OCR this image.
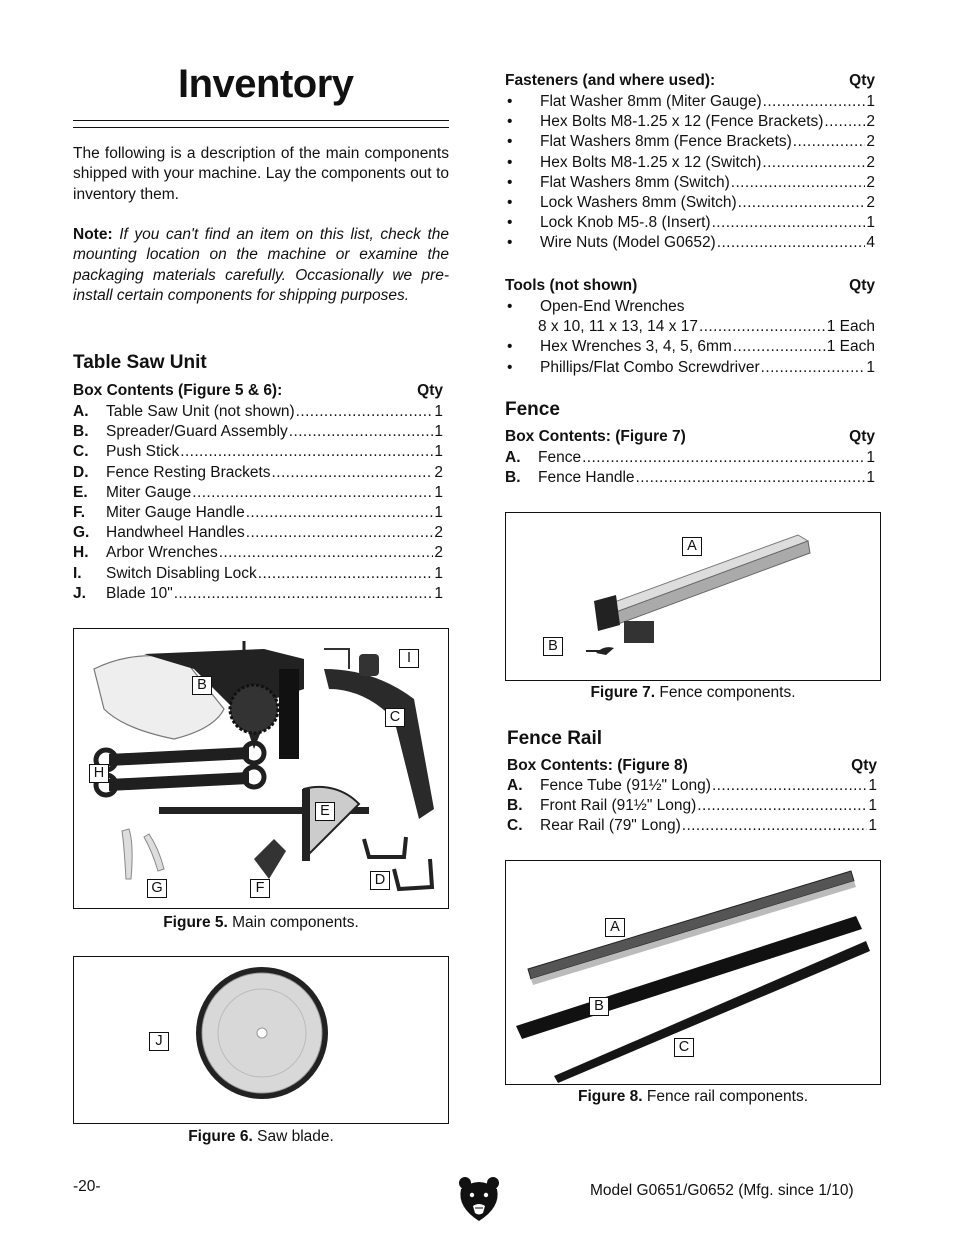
Inventory
The following is a description of the main components shipped with your machine. Lay the components out to inventory them.
Note: If you can't find an item on this list, check the mounting location on the machine or examine the packaging materials carefully. Occasionally we pre-install certain components for shipping purposes.
Table Saw Unit
Box Contents (Figure 5 & 6):	Qty
A.	Table Saw Unit (not shown) .....	1
B.	Spreader/Guard Assembly .....	1
C.	Push Stick .....	1
D.	Fence Resting Brackets .....	2
E.	Miter Gauge .....	1
F.	Miter Gauge Handle .....	1
G.	Handwheel Handles .....	2
H.	Arbor Wrenches .....	2
I.	Switch Disabling Lock .....	1
J.	Blade 10" .....	1
B
I
C
H
E
G	F	D
Figure 5. Main components.
J
Figure 6. Saw blade.
Fasteners (and where used):	Qty
•	Flat Washer 8mm (Miter Gauge) .....	1
•	Hex Bolts M8-1.25 x 12 (Fence Brackets) .....	2
•	Flat Washers 8mm (Fence Brackets) .....	2
•	Hex Bolts M8-1.25 x 12 (Switch) .....	2
•	Flat Washers 8mm (Switch) .....	2
•	Lock Washers 8mm (Switch) .....	2
•	Lock Knob M5-.8 (Insert) .....	1
•	Wire Nuts (Model G0652) .....	4
Tools (not shown)	Qty
•	Open-End Wrenches
8 x 10, 11 x 13, 14 x 17 .....	1 Each
•	Hex Wrenches 3, 4, 5, 6mm .....	1 Each
•	Phillips/Flat Combo Screwdriver .....	1
Fence
Box Contents: (Figure 7)	Qty
A.	Fence .....	1
B.	Fence Handle .....	1
A
B
Figure 7. Fence components.
Fence Rail
Box Contents: (Figure 8)	Qty
A.	Fence Tube (91½" Long) .....	1
B.	Front Rail (91½" Long) .....	1
C.	Rear Rail (79" Long) .....	1
A
B
C
Figure 8. Fence rail components.
-20-	Model G0651/G0652 (Mfg. since 1/10)
